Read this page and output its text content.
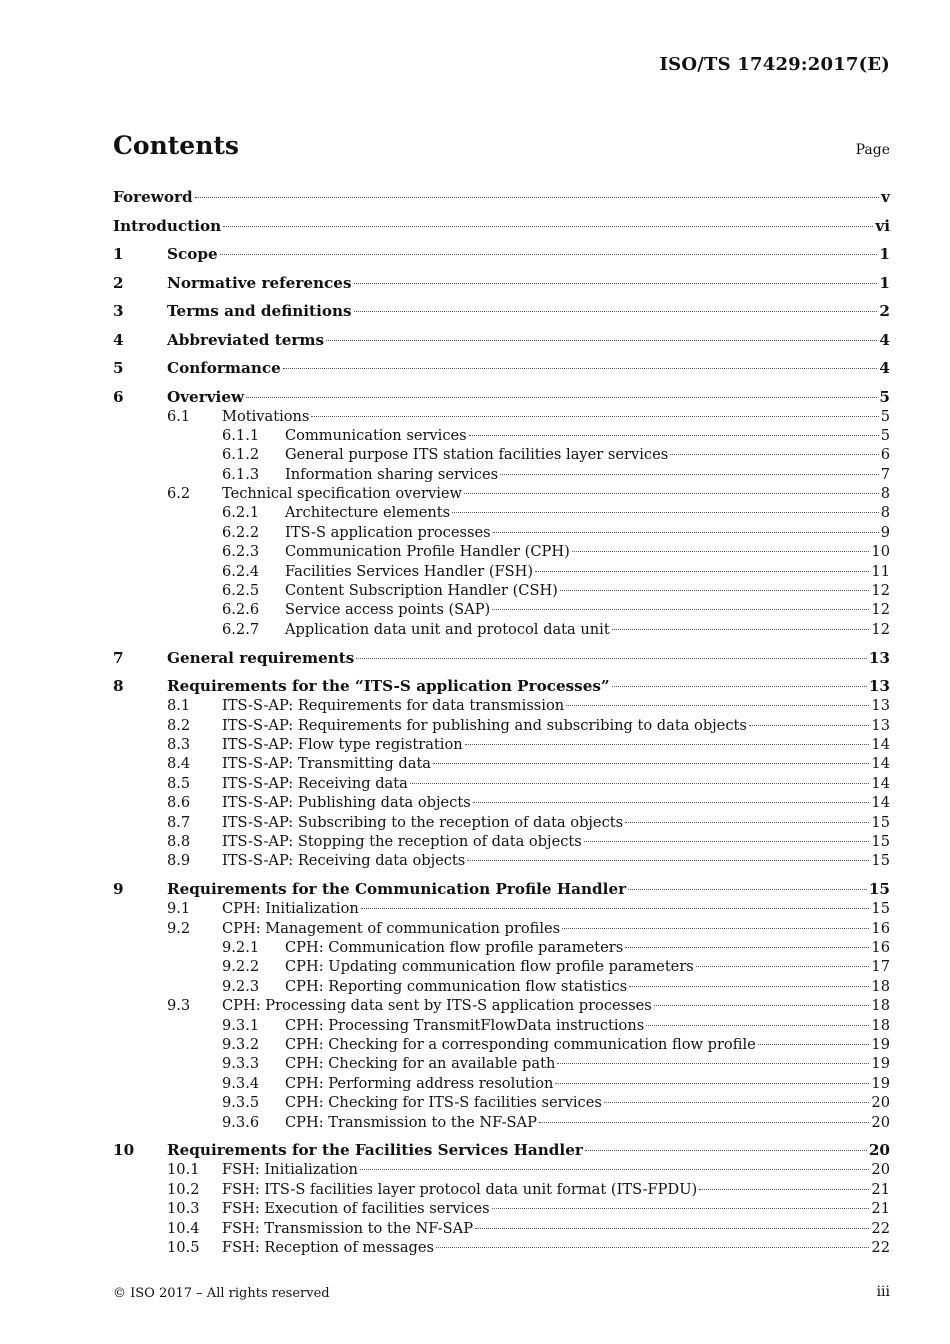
ISO/TS 17429:2017(E)
Contents	Page
Foreword	v
Introduction	vi
1	Scope	1
2	Normative references	1
3	Terms and definitions	2
4	Abbreviated terms	4
5	Conformance	4
6	Overview	5
6.1 Motivations	5
6.1.1 Communication services	5
6.1.2 General purpose ITS station facilities layer services	6
6.1.3 Information sharing services	7
6.2 Technical specification overview	8
6.2.1 Architecture elements	8
6.2.2 ITS-S application processes	9
6.2.3 Communication Profile Handler (CPH)	10
6.2.4 Facilities Services Handler (FSH)	11
6.2.5 Content Subscription Handler (CSH)	12
6.2.6 Service access points (SAP)	12
6.2.7 Application data unit and protocol data unit	12
7	General requirements	13
8	Requirements for the “ITS-S application Processes”	13
8.1 ITS-S-AP: Requirements for data transmission	13
8.2 ITS-S-AP: Requirements for publishing and subscribing to data objects	13
8.3 ITS-S-AP: Flow type registration	14
8.4 ITS-S-AP: Transmitting data	14
8.5 ITS-S-AP: Receiving data	14
8.6 ITS-S-AP: Publishing data objects	14
8.7 ITS-S-AP: Subscribing to the reception of data objects	15
8.8 ITS-S-AP: Stopping the reception of data objects	15
8.9 ITS-S-AP: Receiving data objects	15
9	Requirements for the Communication Profile Handler	15
9.1 CPH: Initialization	15
9.2 CPH: Management of communication profiles	16
9.2.1 CPH: Communication flow profile parameters	16
9.2.2 CPH: Updating communication flow profile parameters	17
9.2.3 CPH: Reporting communication flow statistics	18
9.3 CPH: Processing data sent by ITS-S application processes	18
9.3.1 CPH: Processing TransmitFlowData instructions	18
9.3.2 CPH: Checking for a corresponding communication flow profile	19
9.3.3 CPH: Checking for an available path	19
9.3.4 CPH: Performing address resolution	19
9.3.5 CPH: Checking for ITS-S facilities services	20
9.3.6 CPH: Transmission to the NF-SAP	20
10 Requirements for the Facilities Services Handler	20
10.1 FSH: Initialization	20
10.2 FSH: ITS-S facilities layer protocol data unit format (ITS-FPDU)	21
10.3 FSH: Execution of facilities services	21
10.4 FSH: Transmission to the NF-SAP	22
10.5 FSH: Reception of messages	22
© ISO 2017 – All rights reserved	iii
